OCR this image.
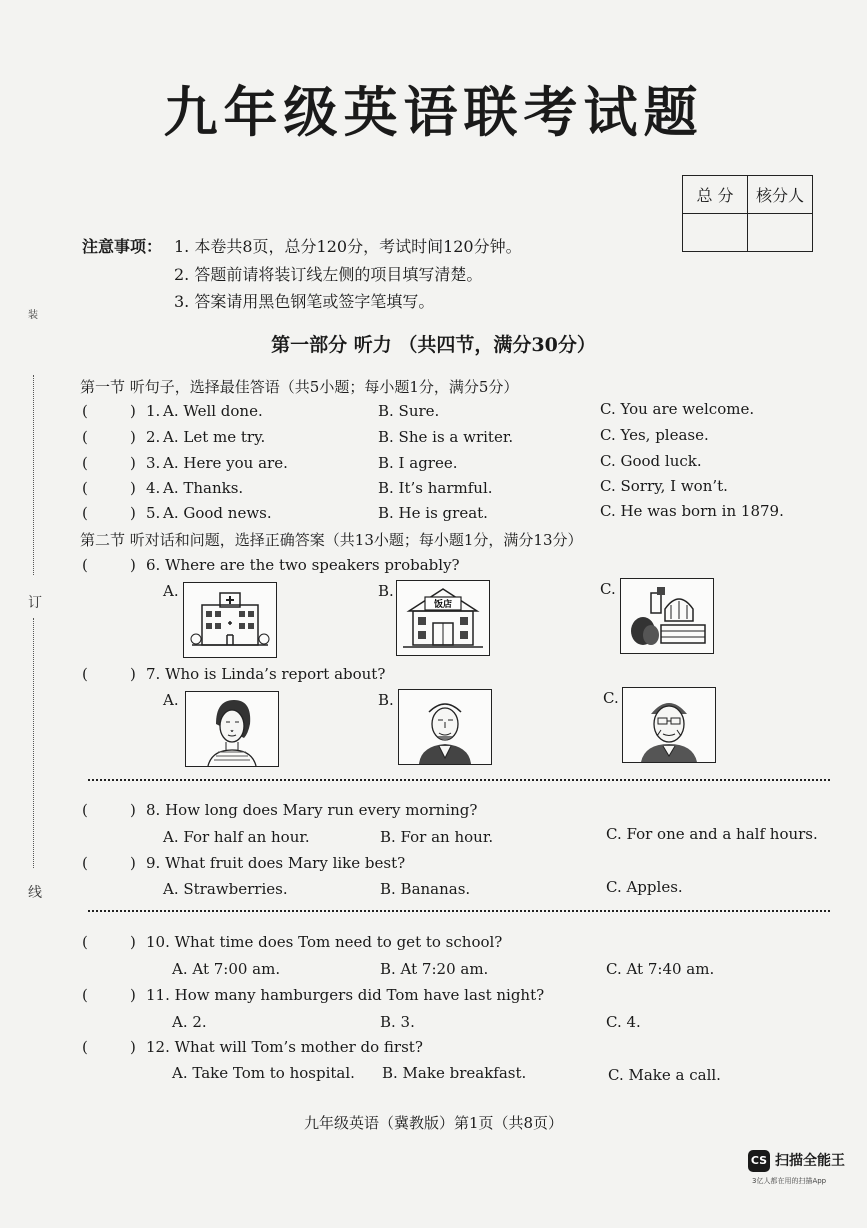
九年级英语联考试题
总 分	核分人

注意事项： 1. 本卷共8页，总分120分，考试时间120分钟。
2. 答题前请将装订线左侧的项目填写清楚。
3. 答案请用黑色钢笔或签字笔填写。
第一部分 听力 （共四节，满分30分）
第一节 听句子，选择最佳答语（共5小题；每小题1分，满分5分）
(	) 1. A. Well done.	B. Sure.	C. You are welcome.
(	) 2. A. Let me try.	B. She is a writer.	C. Yes, please.
(	) 3. A. Here you are.	B. I agree.	C. Good luck.
(	) 4. A. Thanks.	B. It’s harmful.	C. Sorry, I won’t.
(	) 5. A. Good news.	B. He is great.	C. He was born in 1879.
第二节 听对话和问题，选择正确答案（共13小题；每小题1分，满分13分）
(	) 6. Where are the two speakers probably?
A.	B.
饭店
C.
(	) 7. Who is Linda’s report about?
A.	B.	C.
(	) 8. How long does Mary run every morning?
A. For half an hour.	B. For an hour.	C. For one and a half hours.
(	) 9. What fruit does Mary like best?
A. Strawberries.	B. Bananas.	C. Apples.
(	) 10. What time does Tom need to get to school?
A. At 7:00 am.	B. At 7:20 am.	C. At 7:40 am.
(	) 11. How many hamburgers did Tom have last night?
A. 2.	B. 3.	C. 4.
(	) 12. What will Tom’s mother do first?
A. Take Tom to hospital. B. Make breakfast.	C. Make a call.
装
订
线
九年级英语（冀教版）第1页（共8页）
CS 扫描全能王
3亿人都在用的扫描App
